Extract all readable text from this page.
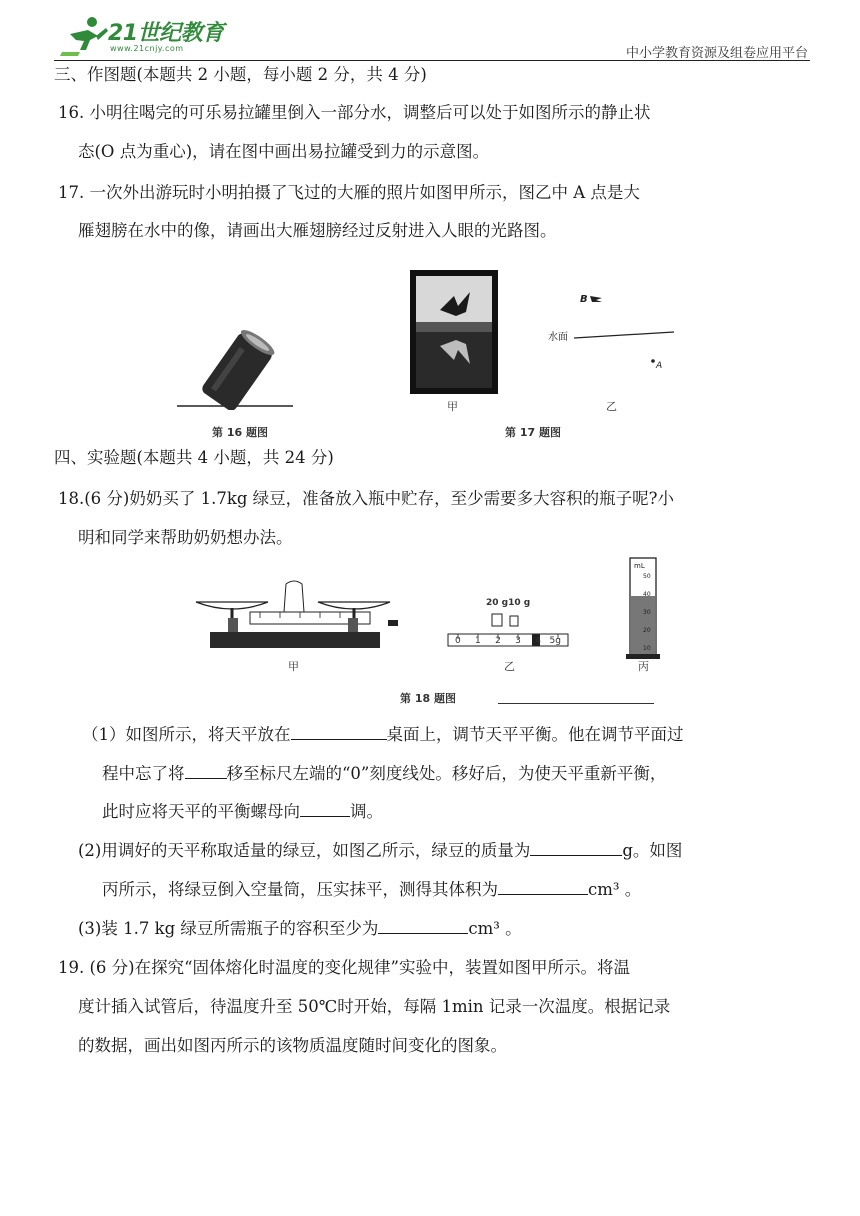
21世纪教育
www.21cnjy.com	中小学教育资源及组卷应用平台
三、作图题(本题共 2 小题，每小题 2 分，共 4 分)
16. 小明往喝完的可乐易拉罐里倒入一部分水，调整后可以处于如图所示的静止状
态(O 点为重心)，请在图中画出易拉罐受到力的示意图。
17. 一次外出游玩时小明拍摄了飞过的大雁的照片如图甲所示，图乙中 A 点是大
雁翅膀在水中的像，请画出大雁翅膀经过反射进入人眼的光路图。
第 16 题图
甲
B
水面
A
乙
第 17 题图
四、实验题(本题共 4 小题，共 24 分)
18.(6 分)奶奶买了 1.7kg 绿豆，准备放入瓶中贮存，至少需要多大容积的瓶子呢?小
明和同学来帮助奶奶想办法。
甲
20 g10 g
0 1 2 3 4 5g
乙
mL
50
40
30
20
10
丙
第 18 题图
（1）如图所示，将天平放在	桌面上，调节天平平衡。他在调节平面过
程中忘了将	移至标尺左端的“0”刻度线处。移好后，为使天平重新平衡，
此时应将天平的平衡螺母向	调。
(2)用调好的天平称取适量的绿豆，如图乙所示，绿豆的质量为	g。如图
丙所示，将绿豆倒入空量筒，压实抹平，测得其体积为	cm³ 。
(3)装 1.7 kg 绿豆所需瓶子的容积至少为	cm³ 。
19. (6 分)在探究“固体熔化时温度的变化规律”实验中，装置如图甲所示。将温
度计插入试管后，待温度升至 50℃时开始，每隔 1min 记录一次温度。根据记录
的数据，画出如图丙所示的该物质温度随时间变化的图象。
